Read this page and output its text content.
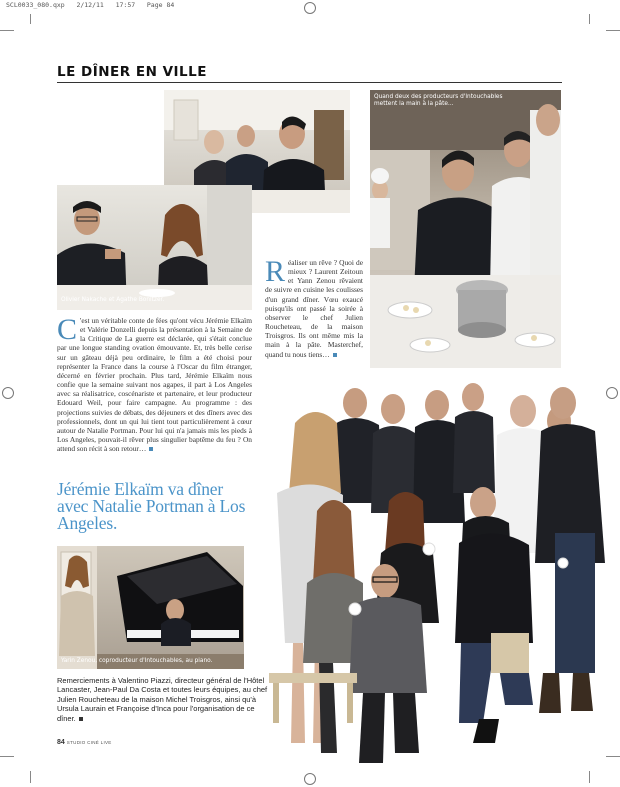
SCL0033_080.qxp   2/12/11   17:57   Page 84
LE DÎNER EN VILLE
Olivier Nakache et Agathe Bonitzer.
Quand deux des producteurs d'Intouchables mettent la main à la pâte…
C 'est un véritable conte de fées qu'ont vécu Jérémie Elkaïm et Valérie Donzelli depuis la présentation à la Semaine de la Critique de La guerre est déclarée, qui s'était conclue par une longue standing ovation émouvante. Et, très belle cerise sur un gâteau déjà peu ordinaire, le film a été choisi pour représenter la France dans la course à l'Oscar du film étranger, décerné en février prochain. Plus tard, Jérémie Elkaïm nous confie que la semaine suivant nos agapes, il part à Los Angeles avec sa réalisatrice, coscénariste et partenaire, et leur producteur Edouard Weil, pour faire campagne. Au programme : des projections suivies de débats, des déjeuners et des dîners avec des professionnels, dont un qui lui tient tout particulièrement à cœur autour de Natalie Portman. Pour lui qui n'a jamais mis les pieds à Los Angeles, pouvait-il rêver plus singulier baptême du feu ? On attend son récit à son retour…
Réaliser un rêve ? Quoi de mieux ? Laurent Zeitoun et Yann Zenou rêvaient de suivre en cuisine les coulisses d'un grand dîner. Vœu exaucé puisqu'ils ont passé la soirée à observer le chef Julien Roucheteau, de la maison Troisgros. Ils ont même mis la main à la pâte. Masterchef, quand tu nous tiens…
Jérémie Elkaïm va dîner avec Natalie Portman à Los Angeles.
Yarin Zenou, coproducteur d'Intouchables, au piano.
Remerciements à Valentino Piazzi, directeur général de l'Hôtel Lancaster, Jean-Paul Da Costa et toutes leurs équipes, au chef Julien Roucheteau de la maison Michel Troisgros, ainsi qu'à Ursula Laurain et Françoise d'Inca pour l'organisation de ce dîner.
84 STUDIO CINÉ LIVE
